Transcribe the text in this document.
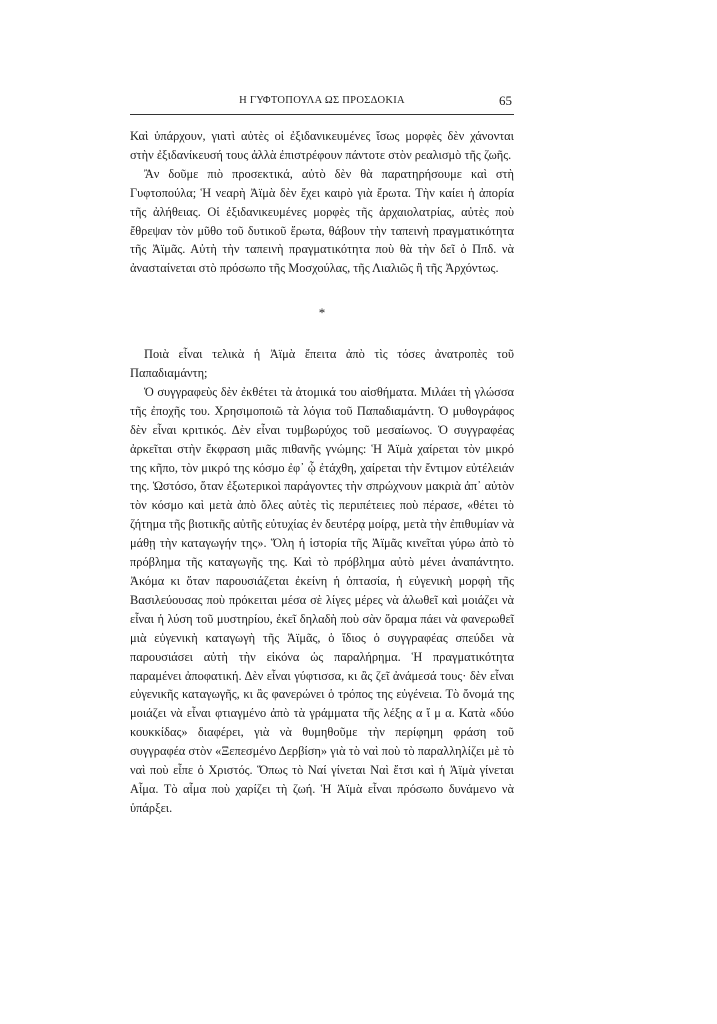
Η ΓΥΦΤΟΠΟΥΛΑ ΩΣ ΠΡΟΣΔΟΚΙΑ	65

Καὶ ὑπάρχουν, γιατὶ αὐτὲς οἱ ἐξιδανικευμένες ἴσως μορφὲς δὲν χάνονται στὴν ἐξιδανίκευσή τους ἀλλὰ ἐπιστρέφουν πάντοτε στὸν ρεαλισμὸ τῆς ζωῆς.

Ἂν δοῦμε πιὸ προσεκτικά, αὐτὸ δὲν θὰ παρατηρήσουμε καὶ στὴ Γυφτοπούλα; Ἡ νεαρὴ Ἀϊμὰ δὲν ἔχει καιρὸ γιὰ ἔρωτα. Τὴν καίει ἡ ἀπορία τῆς ἀλήθειας. Οἱ ἐξιδανικευμένες μορφὲς τῆς ἀρχαιολατρίας, αὐτὲς ποὺ ἔθρεψαν τὸν μῦθο τοῦ δυτικοῦ ἔρωτα, θάβουν τὴν ταπεινὴ πραγματικότητα τῆς Ἀϊμᾶς. Αὐτὴ τὴν ταπεινὴ πραγματικότητα ποὺ θὰ τὴν δεῖ ὁ Ππδ. νὰ ἀνασταίνεται στὸ πρόσωπο τῆς Μοσχούλας, τῆς Λιαλιῶς ἢ τῆς Ἀρχόντως.

*

Ποιὰ εἶναι τελικὰ ἡ Ἀϊμὰ ἔπειτα ἀπὸ τὶς τόσες ἀνατροπὲς τοῦ Παπαδιαμάντη;

Ὁ συγγραφεὺς δὲν ἐκθέτει τὰ ἀτομικά του αἰσθήματα. Μιλάει τὴ γλώσσα τῆς ἐποχῆς του. Χρησιμοποιῶ τὰ λόγια τοῦ Παπαδιαμάντη. Ὁ μυθογράφος δὲν εἶναι κριτικός. Δὲν εἶναι τυμβωρύχος τοῦ μεσαίωνος. Ὁ συγγραφέας ἀρκεῖται στὴν ἔκφραση μιᾶς πιθανῆς γνώμης: Ἡ Ἀϊμὰ χαίρεται τὸν μικρό της κῆπο, τὸν μικρό της κόσμο ἐφ᾿ ᾧ ἐτάχθη, χαίρεται τὴν ἔντιμον εὐτέλειάν της. Ὡστόσο, ὅταν ἐξωτερικοὶ παράγοντες τὴν σπρώχνουν μακριὰ ἀπ᾿ αὐτὸν τὸν κόσμο καὶ μετὰ ἀπὸ ὅλες αὐτὲς τὶς περιπέτειες ποὺ πέρασε, «θέτει τὸ ζήτημα τῆς βιοτικῆς αὐτῆς εὐτυχίας ἐν δευτέρᾳ μοίρᾳ, μετὰ τὴν ἐπιθυμίαν νὰ μάθῃ τὴν καταγωγήν της». Ὅλη ἡ ἱστορία τῆς Ἀϊμᾶς κινεῖται γύρω ἀπὸ τὸ πρόβλημα τῆς καταγωγῆς της. Καὶ τὸ πρόβλημα αὐτὸ μένει ἀναπάντητο. Ἀκόμα κι ὅταν παρουσιάζεται ἐκείνη ἡ ὀπτασία, ἡ εὐγενικὴ μορφὴ τῆς Βασιλεύουσας ποὺ πρόκειται μέσα σὲ λίγες μέρες νὰ ἁλωθεῖ καὶ μοιάζει νὰ εἶναι ἡ λύση τοῦ μυστηρίου, ἐκεῖ δηλαδὴ ποὺ σὰν ὅραμα πάει νὰ φανερωθεῖ μιὰ εὐγενικὴ καταγωγὴ τῆς Ἀϊμᾶς, ὁ ἴδιος ὁ συγγραφέας σπεύδει νὰ παρουσιάσει αὐτὴ τὴν εἰκόνα ὡς παραλήρημα. Ἡ πραγματικότητα παραμένει ἀποφατική. Δὲν εἶναι γύφτισσα, κι ἂς ζεῖ ἀνάμεσά τους· δὲν εἶναι εὐγενικῆς καταγωγῆς, κι ἂς φανερώνει ὁ τρόπος της εὐγένεια. Τὸ ὄνομά της μοιάζει νὰ εἶναι φτιαγμένο ἀπὸ τὰ γράμματα τῆς λέξης α ἵ μ α. Κατὰ «δύο κουκκίδας» διαφέρει, γιὰ νὰ θυμηθοῦμε τὴν περίφημη φράση τοῦ συγγραφέα στὸν «Ξεπεσμένο Δερβίση» γιὰ τὸ ναὶ ποὺ τὸ παραλληλίζει μὲ τὸ ναὶ ποὺ εἶπε ὁ Χριστός. Ὅπως τὸ Ναί γίνεται Ναὶ ἔτσι καὶ ἡ Ἀϊμὰ γίνεται Αἷμα. Τὸ αἷμα ποὺ χαρίζει τὴ ζωή. Ἡ Ἀϊμὰ εἶναι πρόσωπο δυνάμενο νὰ ὑπάρξει.
